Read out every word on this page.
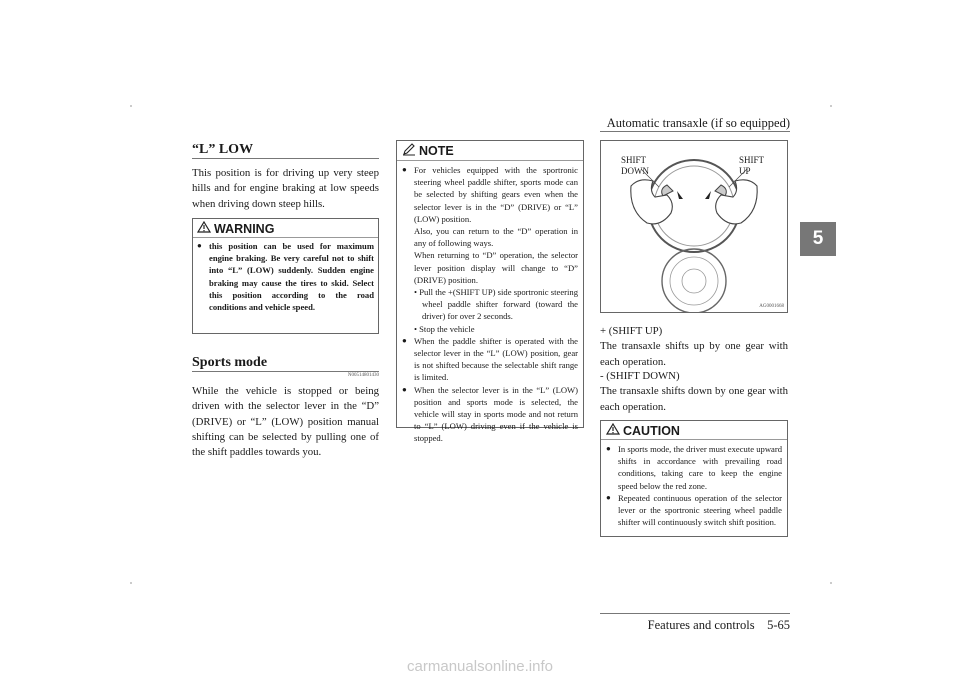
Automatic transaxle (if so equipped)
5
“L” LOW
This position is for driving up very steep hills and for engine braking at low speeds when driving down steep hills.
WARNING
● this position can be used for maximum engine braking. Be very careful not to shift into “L” (LOW) suddenly. Sudden engine braking may cause the tires to skid. Select this position according to the road conditions and vehicle speed.
Sports mode
N00514801430
While the vehicle is stopped or being driven with the selector lever in the “D” (DRIVE) or “L” (LOW) position manual shifting can be selected by pulling one of the shift paddles towards you.
NOTE
● For vehicles equipped with the sportronic steering wheel paddle shifter, sports mode can be selected by shifting gears even when the selector lever is in the “D” (DRIVE) or “L” (LOW) position.
Also, you can return to the “D” operation in any of following ways.
When returning to “D” operation, the selector lever position display will change to “D” (DRIVE) position.
• Pull the +(SHIFT UP) side sportronic steering wheel paddle shifter forward (toward the driver) for over 2 seconds.
• Stop the vehicle
● When the paddle shifter is operated with the selector lever in the “L” (LOW) position, gear is not shifted because the selectable shift range is limited.
● When the selector lever is in the “L” (LOW) position and sports mode is selected, the vehicle will stay in sports mode and not return to “L” (LOW) driving even if the vehicle is stopped.
SHIFT
DOWN
SHIFT
UP
AG0001668
+ (SHIFT UP)
The transaxle shifts up by one gear with each operation.
- (SHIFT DOWN)
The transaxle shifts down by one gear with each operation.
CAUTION
● In sports mode, the driver must execute upward shifts in accordance with prevailing road conditions, taking care to keep the engine speed below the red zone.
● Repeated continuous operation of the selector lever or the sportronic steering wheel paddle shifter will continuously switch shift position.
Features and controls    5-65
carmanualsonline.info
